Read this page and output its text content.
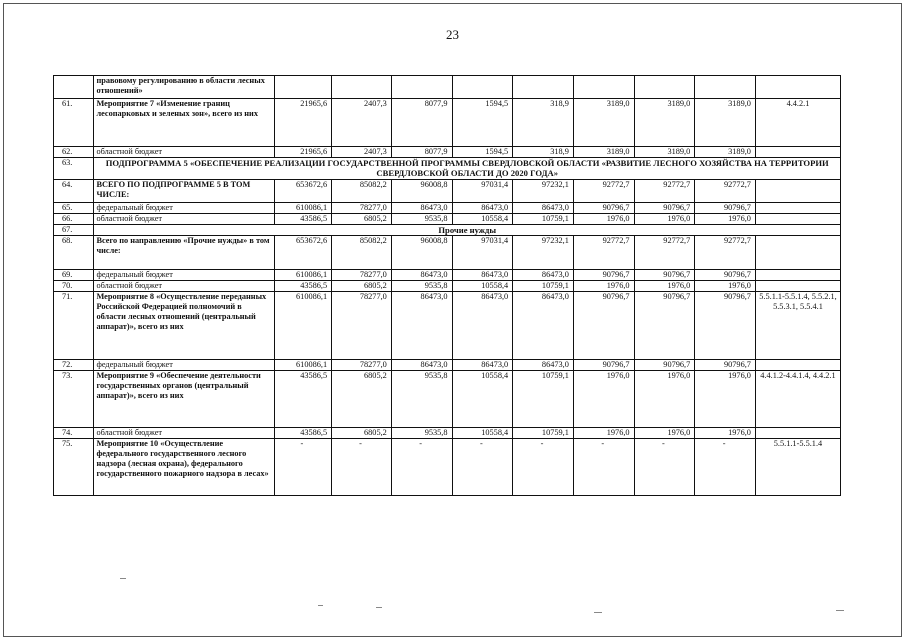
23
	правовому регулированию в области лесных отношений»									
61.	Мероприятие 7 «Изменение границ лесопарковых и зеленых зон», всего из них	21965,6	2407,3	8077,9	1594,5	318,9	3189,0	3189,0	3189,0	4.4.2.1
62.	областной бюджет	21965,6	2407,3	8077,9	1594,5	318,9	3189,0	3189,0	3189,0	
63.	ПОДПРОГРАММА 5 «ОБЕСПЕЧЕНИЕ РЕАЛИЗАЦИИ ГОСУДАРСТВЕННОЙ ПРОГРАММЫ СВЕРДЛОВСКОЙ ОБЛАСТИ «РАЗВИТИЕ ЛЕСНОГО ХОЗЯЙСТВА НА ТЕРРИТОРИИ СВЕРДЛОВСКОЙ ОБЛАСТИ ДО 2020 ГОДА»									
64.	ВСЕГО ПО ПОДПРОГРАММЕ 5 В ТОМ ЧИСЛЕ:	653672,6	85082,2	96008,8	97031,4	97232,1	92772,7	92772,7	92772,7	
65.	федеральный бюджет	610086,1	78277,0	86473,0	86473,0	86473,0	90796,7	90796,7	90796,7	
66.	областной бюджет	43586,5	6805,2	9535,8	10558,4	10759,1	1976,0	1976,0	1976,0	
67.	Прочие нужды									
68.	Всего по направлению «Прочие нужды» в том числе:	653672,6	85082,2	96008,8	97031,4	97232,1	92772,7	92772,7	92772,7	
69.	федеральный бюджет	610086,1	78277,0	86473,0	86473,0	86473,0	90796,7	90796,7	90796,7	
70.	областной бюджет	43586,5	6805,2	9535,8	10558,4	10759,1	1976,0	1976,0	1976,0	
71.	Мероприятие 8 «Осуществление переданных Российской Федерацией полномочий в области лесных отношений (центральный аппарат)», всего из них	610086,1	78277,0	86473,0	86473,0	86473,0	90796,7	90796,7	90796,7	5.5.1.1-5.5.1.4, 5.5.2.1, 5.5.3.1, 5.5.4.1
72.	федеральный бюджет	610086,1	78277,0	86473,0	86473,0	86473,0	90796,7	90796,7	90796,7	
73.	Мероприятие 9 «Обеспечение деятельности государственных органов (центральный аппарат)», всего из них	43586,5	6805,2	9535,8	10558,4	10759,1	1976,0	1976,0	1976,0	4.4.1.2-4.4.1.4, 4.4.2.1
74.	областной бюджет	43586,5	6805,2	9535,8	10558,4	10759,1	1976,0	1976,0	1976,0	
75.	Мероприятие 10 «Осуществление федерального государственного лесного надзора (лесная охрана), федерального государственного пожарного надзора в лесах»	-	-	-	-	-	-	-	-	5.5.1.1-5.5.1.4
